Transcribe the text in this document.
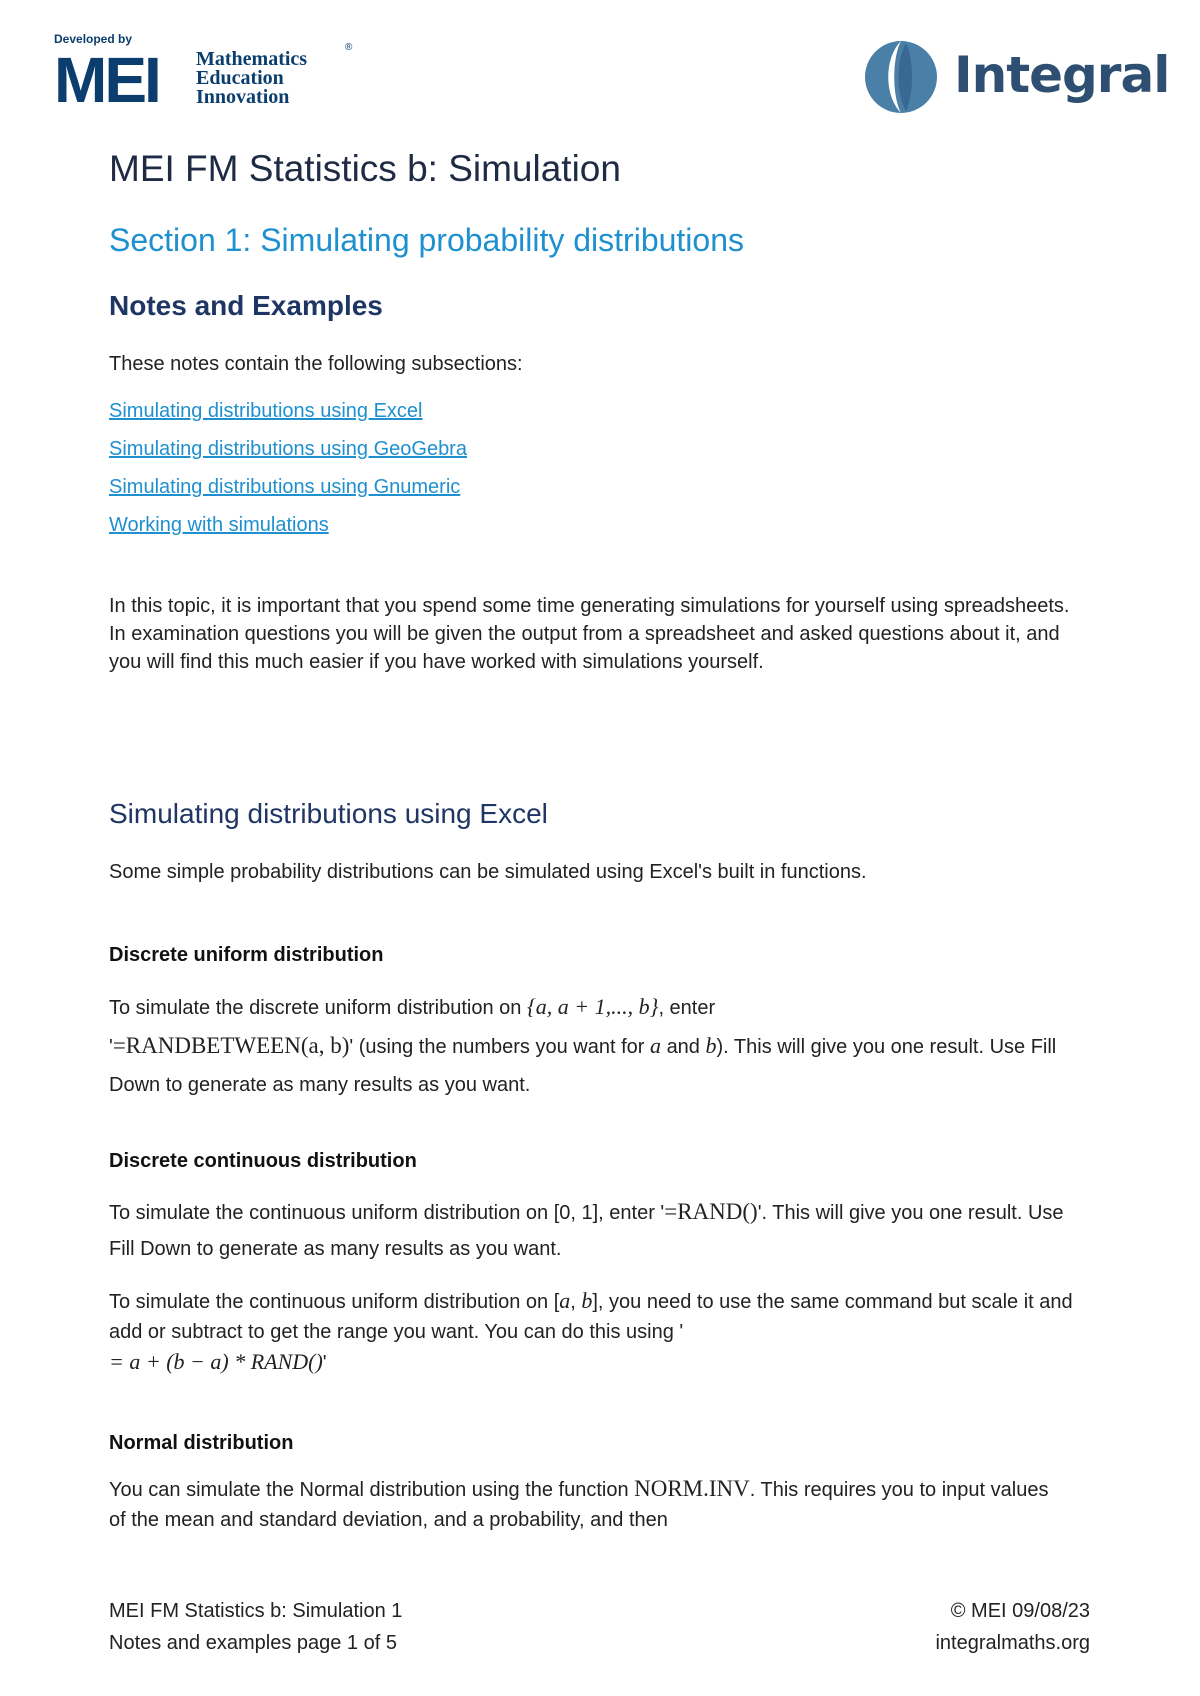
Developed by
MEI Mathematics
Education
Innovation
®	Integral
MEI FM Statistics b: Simulation
Section 1: Simulating probability distributions
Notes and Examples
These notes contain the following subsections:
Simulating distributions using Excel
Simulating distributions using GeoGebra
Simulating distributions using Gnumeric
Working with simulations
In this topic, it is important that you spend some time generating simulations for yourself using spreadsheets. In examination questions you will be given the output from a spreadsheet and asked questions about it, and you will find this much easier if you have worked with simulations yourself.
Simulating distributions using Excel
Some simple probability distributions can be simulated using Excel's built in functions.
Discrete uniform distribution
To simulate the discrete uniform distribution on {a, a + 1,..., b}, enter
'=RANDBETWEEN(a, b)' (using the numbers you want for a and b). This will give you one result. Use Fill Down to generate as many results as you want.
Discrete continuous distribution
To simulate the continuous uniform distribution on [0, 1], enter '=RAND()'. This will give you one result. Use Fill Down to generate as many results as you want.
To simulate the continuous uniform distribution on [a, b], you need to use the same command but scale it and add or subtract to get the range you want. You can do this using '
= a + (b − a) * RAND()'
Normal distribution
You can simulate the Normal distribution using the function NORM.INV. This requires you to input values of the mean and standard deviation, and a probability, and then
MEI FM Statistics b: Simulation 1
Notes and examples page 1 of 5
© MEI 09/08/23
integralmaths.org
